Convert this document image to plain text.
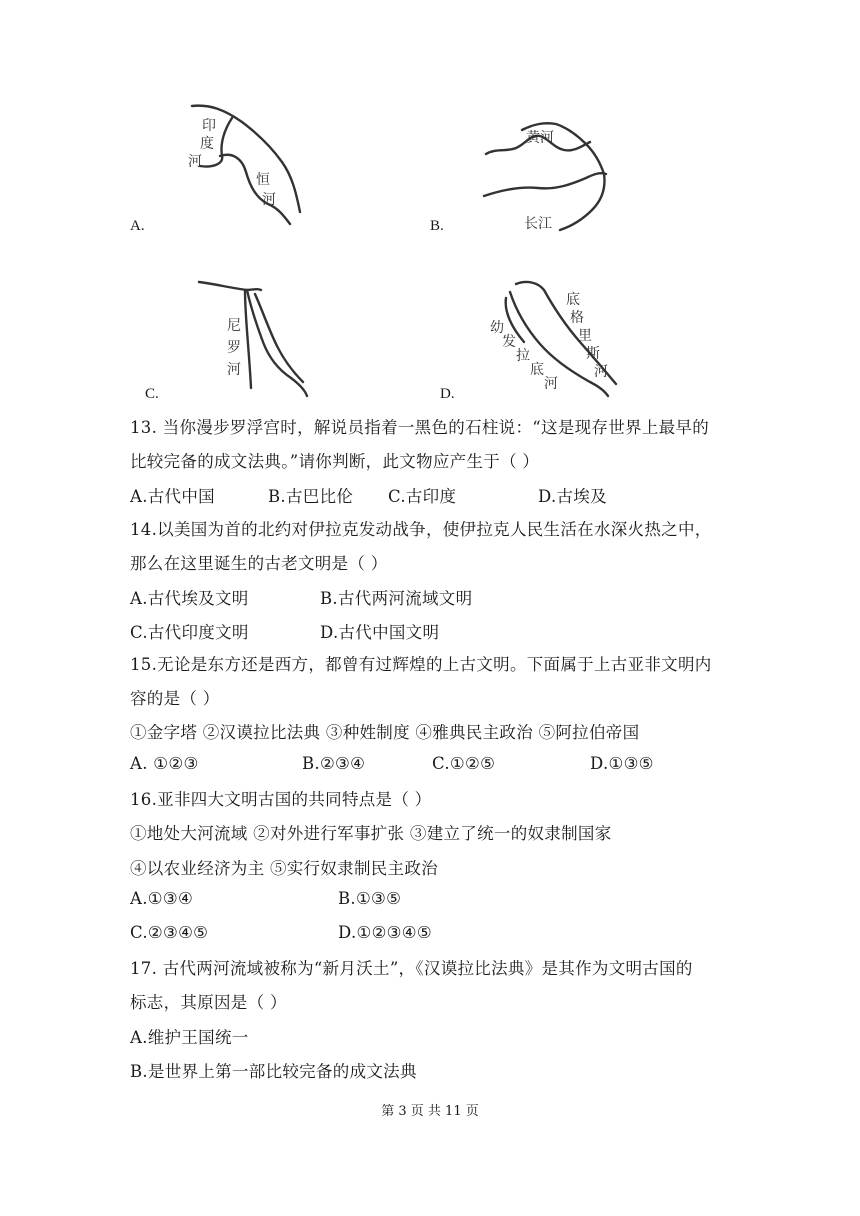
印
度
河
恒
河
A.
黄河
长江
B.
尼
罗
河
C.
底
格
里
斯
河
幼
发
拉
底
河
D.
13. 当你漫步罗浮宫时，解说员指着一黑色的石柱说：“这是现存世界上最早的
比较完备的成文法典。”请你判断，此文物应产生于（ ）
A.古代中国	B.古巴比伦 C.古印度	D.古埃及
14.以美国为首的北约对伊拉克发动战争，使伊拉克人民生活在水深火热之中，
那么在这里诞生的古老文明是（ ）
A.古代埃及文明	B.古代两河流域文明
C.古代印度文明	D.古代中国文明
15.无论是东方还是西方，都曾有过辉煌的上古文明。下面属于上古亚非文明内
容的是（ ）
①金字塔 ②汉谟拉比法典 ③种姓制度 ④雅典民主政治 ⑤阿拉伯帝国
A. ①②③	B.②③④	C.①②⑤	D.①③⑤
16.亚非四大文明古国的共同特点是（ ）
①地处大河流域 ②对外进行军事扩张 ③建立了统一的奴隶制国家
④以农业经济为主 ⑤实行奴隶制民主政治
A.①③④	B.①③⑤
C.②③④⑤	D.①②③④⑤
17. 古代两河流域被称为“新月沃土”，《汉谟拉比法典》是其作为文明古国的
标志，其原因是（ ）
A.维护王国统一
B.是世界上第一部比较完备的成文法典
第 3 页 共 11 页
